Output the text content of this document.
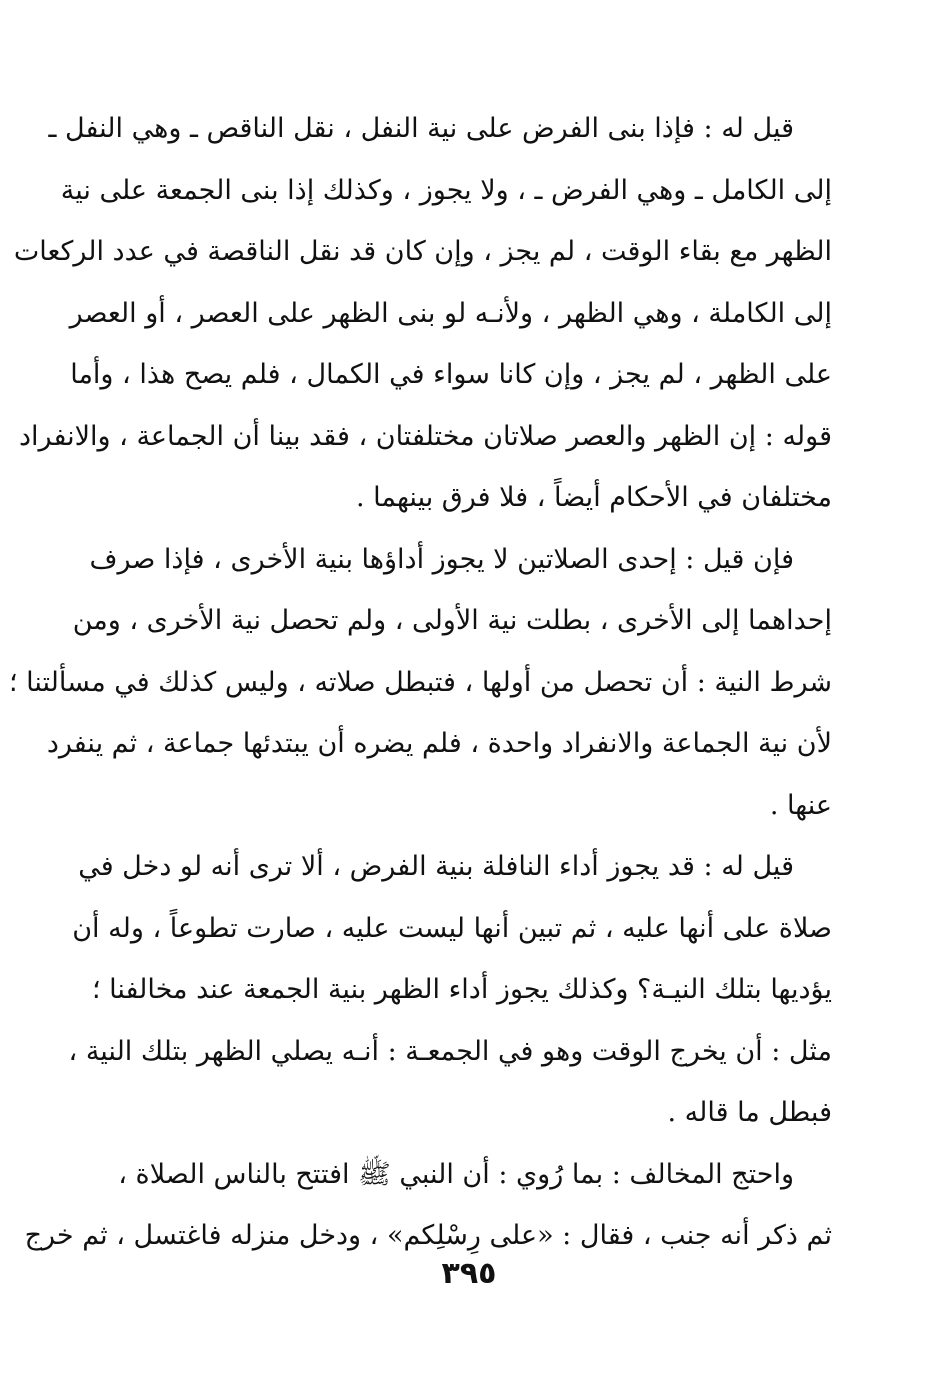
قيل له : فإذا بنى الفرض على نية النفل ، نقل الناقص ـ وهي النفل ـ
إلى الكامل ـ وهي الفرض ـ ، ولا يجوز ، وكذلك إذا بنى الجمعة على نية
الظهر مع بقاء الوقت ، لم يجز ، وإن كان قد نقل الناقصة في عدد الركعات
إلى الكاملة ، وهي الظهر ، ولأنـه لو بنى الظهر على العصر ، أو العصر
على الظهر ، لم يجز ، وإن كانا سواء في الكمال ، فلم يصح هذا ، وأما
قوله : إن الظهر والعصر صلاتان مختلفتان ، فقد بينا أن الجماعة ، والانفراد
مختلفان في الأحكام أيضاً ، فلا فرق بينهما .
فإن قيل : إحدى الصلاتين لا يجوز أداؤها بنية الأخرى ، فإذا صرف
إحداهما إلى الأخرى ، بطلت نية الأولى ، ولم تحصل نية الأخرى ، ومن
شرط النية : أن تحصل من أولها ، فتبطل صلاته ، وليس كذلك في مسألتنا ؛
لأن نية الجماعة والانفراد واحدة ، فلم يضره أن يبتدئها جماعة ، ثم ينفرد
عنها .
قيل له : قد يجوز أداء النافلة بنية الفرض ، ألا ترى أنه لو دخل في
صلاة على أنها عليه ، ثم تبين أنها ليست عليه ، صارت تطوعاً ، وله أن
يؤديها بتلك النيـة؟ وكذلك يجوز أداء الظهر بنية الجمعة عند مخالفنا ؛
مثل : أن يخرج الوقت وهو في الجمعـة : أنـه يصلي الظهر بتلك النية ،
فبطل ما قاله .
واحتج المخالف : بما رُوي : أن النبي ﷺ افتتح بالناس الصلاة ،
ثم ذكر أنه جنب ، فقال : «على رِسْلِكم» ، ودخل منزله فاغتسل ، ثم خرج
٣٩٥
